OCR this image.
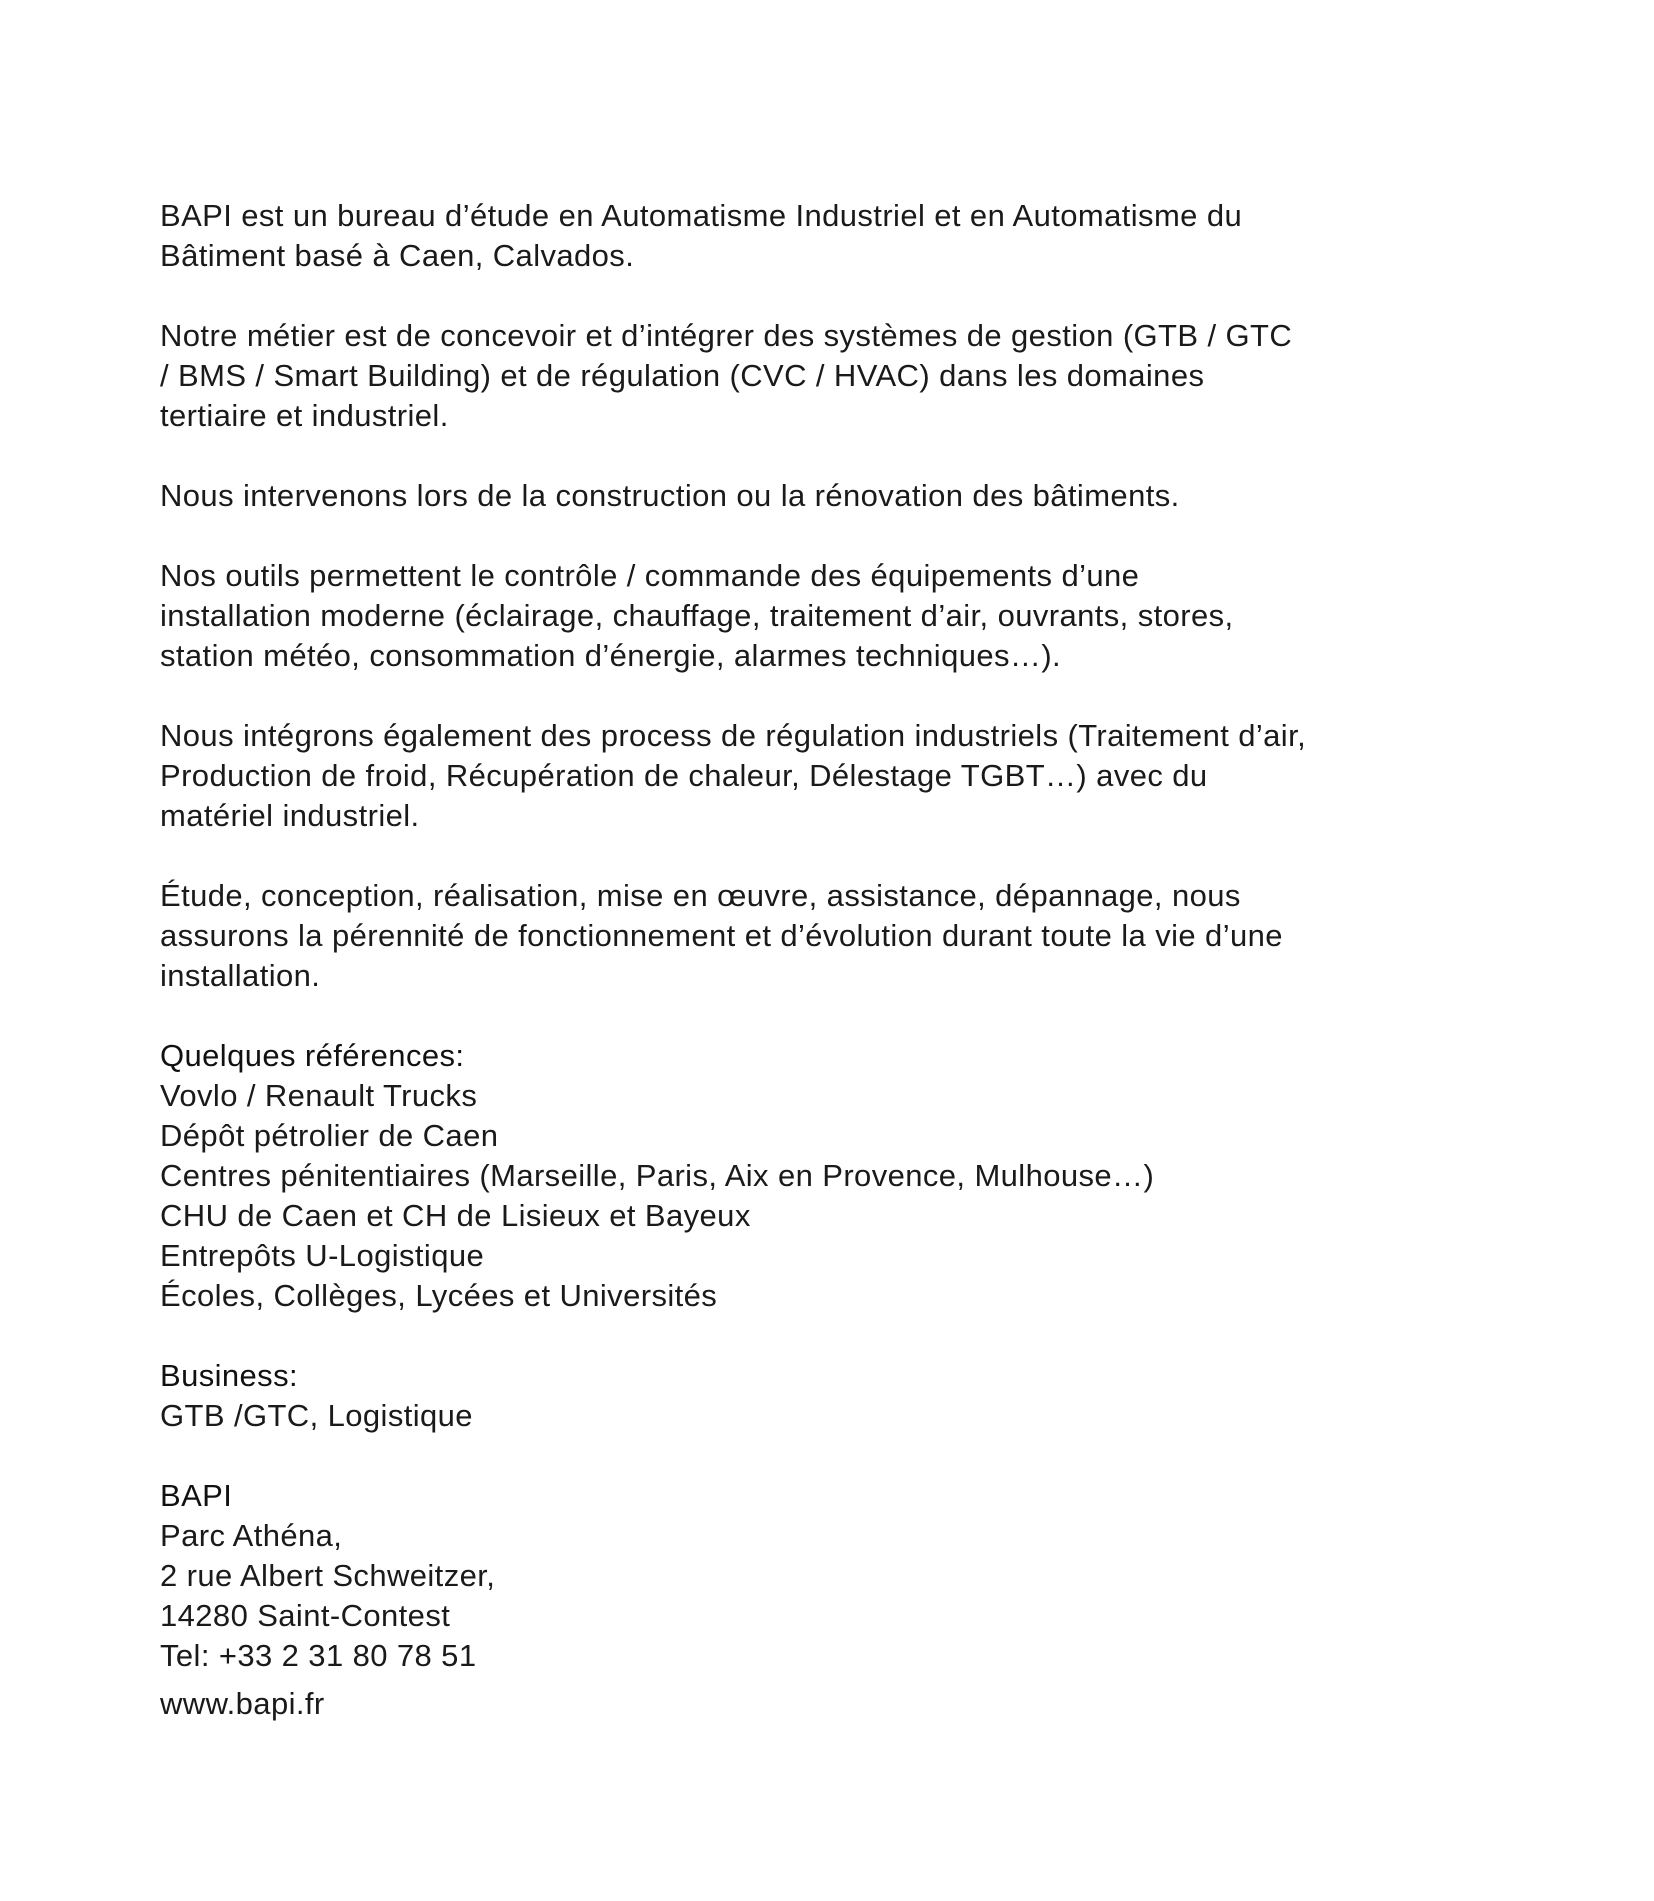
BAPI est un bureau d’étude en Automatisme Industriel et en Automatisme du
Bâtiment basé à Caen, Calvados.

Notre métier est de concevoir et d’intégrer des systèmes de gestion (GTB / GTC
/ BMS / Smart Building) et de régulation (CVC / HVAC) dans les domaines
tertiaire et industriel.

Nous intervenons lors de la construction ou la rénovation des bâtiments.

Nos outils permettent le contrôle / commande des équipements d’une
installation moderne (éclairage, chauffage, traitement d’air, ouvrants, stores,
station météo, consommation d’énergie, alarmes techniques…).

Nous intégrons également des process de régulation industriels (Traitement d’air,
Production de froid, Récupération de chaleur, Délestage TGBT…) avec du
matériel industriel.

Étude, conception, réalisation, mise en œuvre, assistance, dépannage, nous
assurons la pérennité de fonctionnement et d’évolution durant toute la vie d’une
installation.

Quelques références:

Vovlo / Renault Trucks

Dépôt pétrolier de Caen

Centres pénitentiaires (Marseille, Paris, Aix en Provence, Mulhouse…)

CHU de Caen et CH de Lisieux et Bayeux

Entrepôts U-Logistique

Écoles, Collèges, Lycées et Universités

Business:

GTB /GTC, Logistique

BAPI

Parc Athéna,

2 rue Albert Schweitzer,

14280 Saint-Contest

Tel: +33 2 31 80 78 51

www.bapi.fr
